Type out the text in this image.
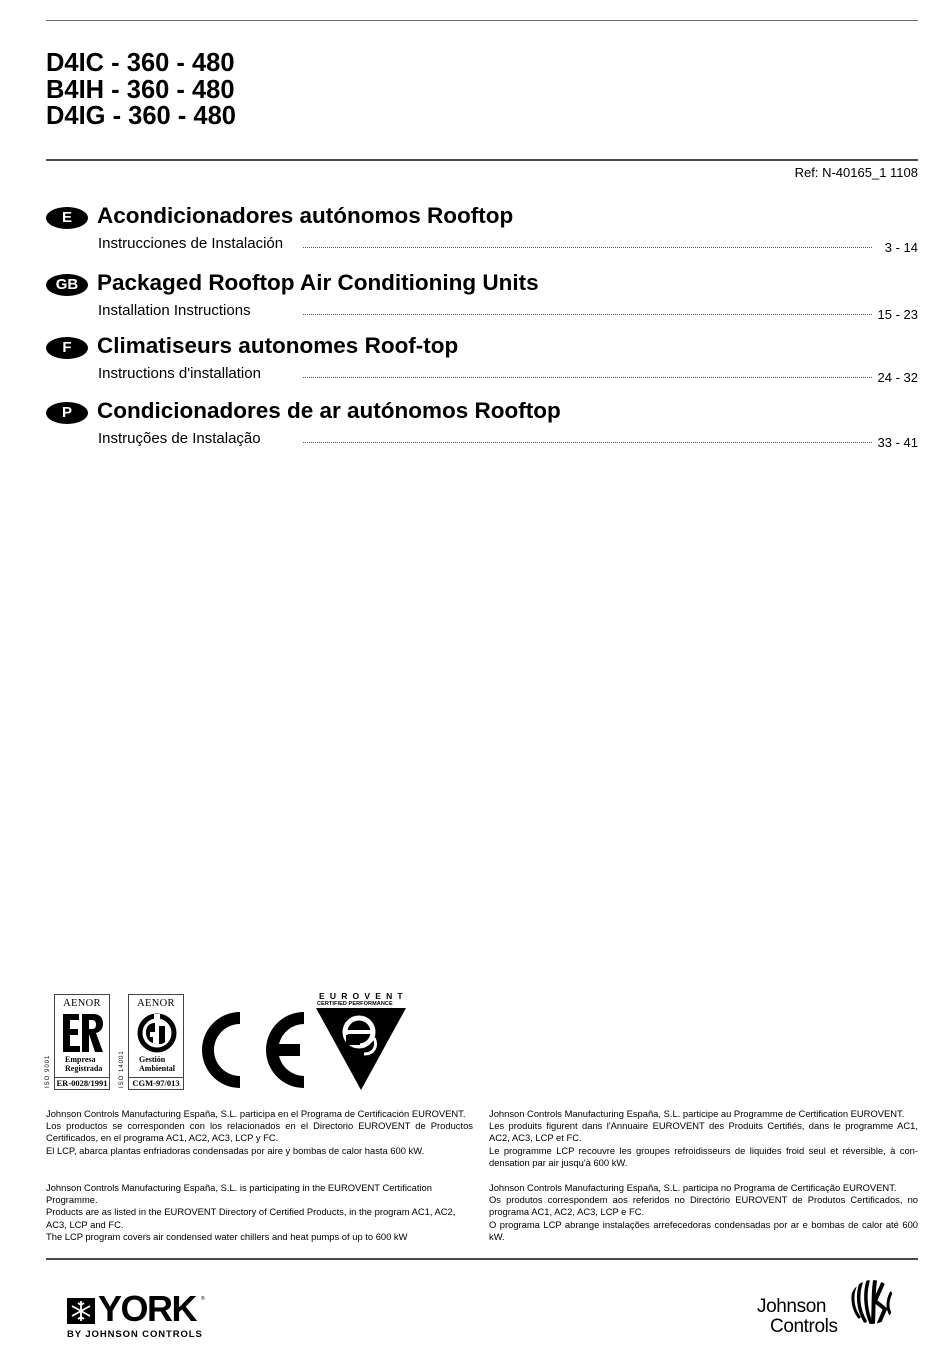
D4IC - 360 - 480
B4IH - 360 - 480
D4IG - 360 - 480
Ref: N-40165_1 1108
E	Acondicionadores autónomos Rooftop
Instrucciones de Instalación	3 - 14
GB Packaged Rooftop Air Conditioning Units
Installation Instructions	15 - 23
F	Climatiseurs autonomes Roof-top
Instructions d'installation	24 - 32
P	Condicionadores de ar autónomos Rooftop
Instruções de Instalação	33 - 41
AENOR
Empresa
Registrada
ER-0028/1991
ISO 9001
AENOR
Gestión
Ambiental
CGM-97/013
ISO 14001
EUROVENT
CERTIFIED PERFORMANCE

Johnson Controls Manufacturing España, S.L. participa en el Programa de Certificación EUROVENT.

Los productos se corresponden con los relacionados en el Directorio EUROVENT de Productos Certificados, en el programa AC1, AC2, AC3, LCP y FC.

El LCP, abarca plantas enfriadoras condensadas por aire y bombas de calor hasta 600 kW.

Johnson Controls Manufacturing España, S.L. is participating in the EUROVENT Certification Programme.

Products are as listed in the EUROVENT Directory of Certified Products, in the program AC1, AC2, AC3, LCP and FC.

The LCP program covers air condensed water chillers and heat pumps of up to 600 kW

Johnson Controls Manufacturing España, S.L. participe au Programme de Certification EUROVENT.

Les produits figurent dans l'Annuaire EUROVENT des Produits Certifiés, dans le programme AC1, AC2, AC3, LCP et FC.

Le programme LCP recouvre les groupes refroidisseurs de liquides froid seul et réversible, à con-densation par air jusqu'à 600 kW.

Johnson Controls Manufacturing España, S.L. participa no Programa de Certificação EUROVENT.

Os produtos correspondem aos referidos no Directório EUROVENT de Produtos Certificados, no programa AC1, AC2, AC3, LCP e FC.

O programa LCP abrange instalações arrefecedoras condensadas por ar e bombas de calor até 600 kW.

YORK ®
BY JOHNSON CONTROLS
Johnson
Controls
